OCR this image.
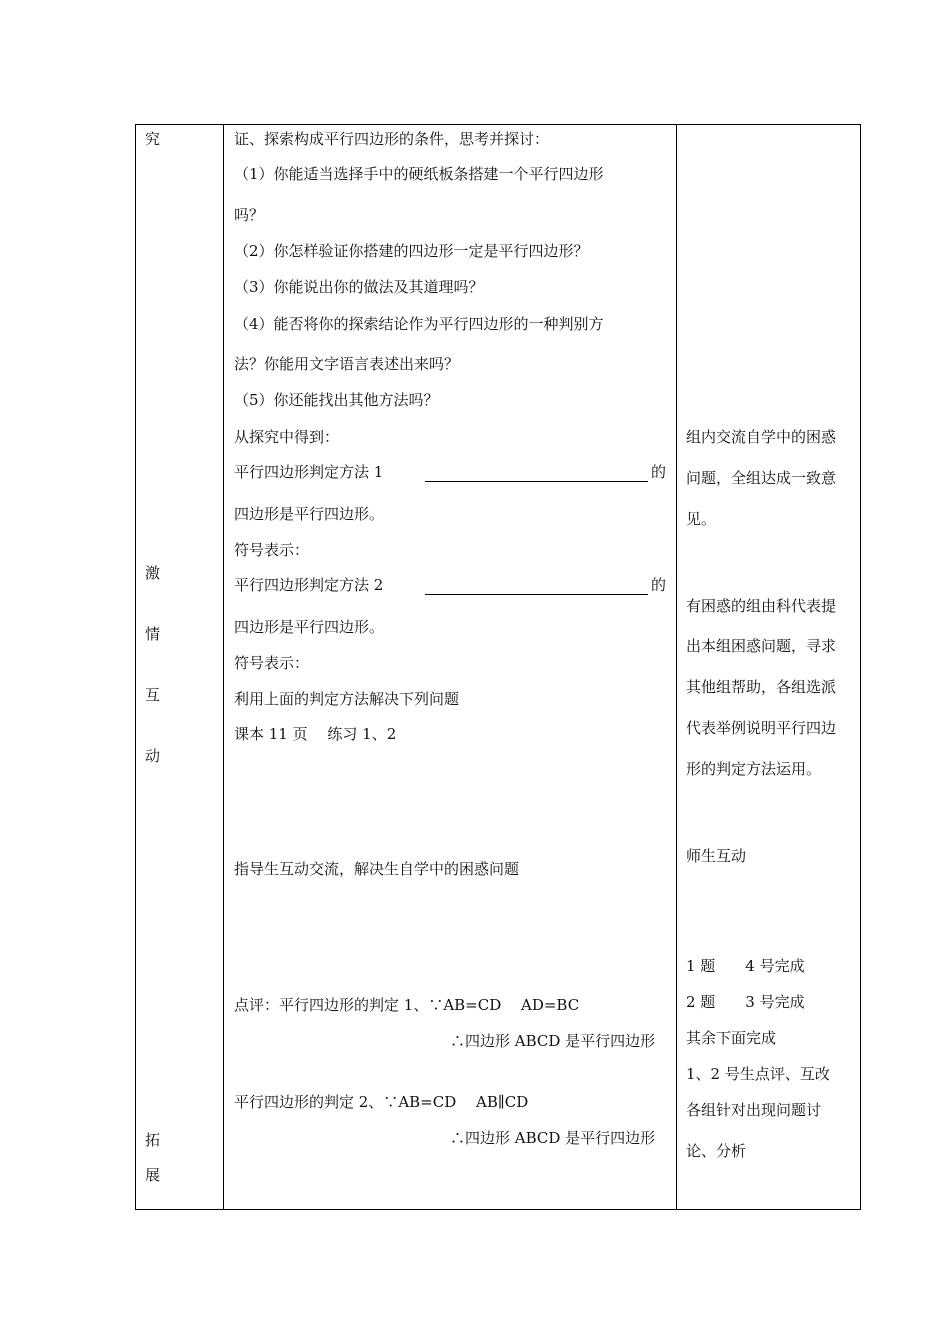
究
激
情
互
动
拓
展
证、探索构成平行四边形的条件，思考并探讨：
（1）你能适当选择手中的硬纸板条搭建一个平行四边形
吗？
（2）你怎样验证你搭建的四边形一定是平行四边形？
（3）你能说出你的做法及其道理吗？
（4）能否将你的探索结论作为平行四边形的一种判别方
法？你能用文字语言表述出来吗？
（5）你还能找出其他方法吗？
从探究中得到：
平行四边形判定方法 1	的
四边形是平行四边形。
符号表示：
平行四边形判定方法 2	的
四边形是平行四边形。
符号表示：
利用上面的判定方法解决下列问题
课本 11 页　 练习 1、2
指导生互动交流，解决生自学中的困惑问题
点评：平行四边形的判定 1、∵AB=CD　 AD=BC
∴四边形 ABCD 是平行四边形
平行四边形的判定 2、∵AB=CD　 AB∥CD
∴四边形 ABCD 是平行四边形
组内交流自学中的困惑
问题，全组达成一致意
见。
有困惑的组由科代表提
出本组困惑问题，寻求
其他组帮助，各组选派
代表举例说明平行四边
形的判定方法运用。
师生互动
1 题　　4 号完成
2 题　　3 号完成
其余下面完成
1、2 号生点评、互改
各组针对出现问题讨
论、分析
